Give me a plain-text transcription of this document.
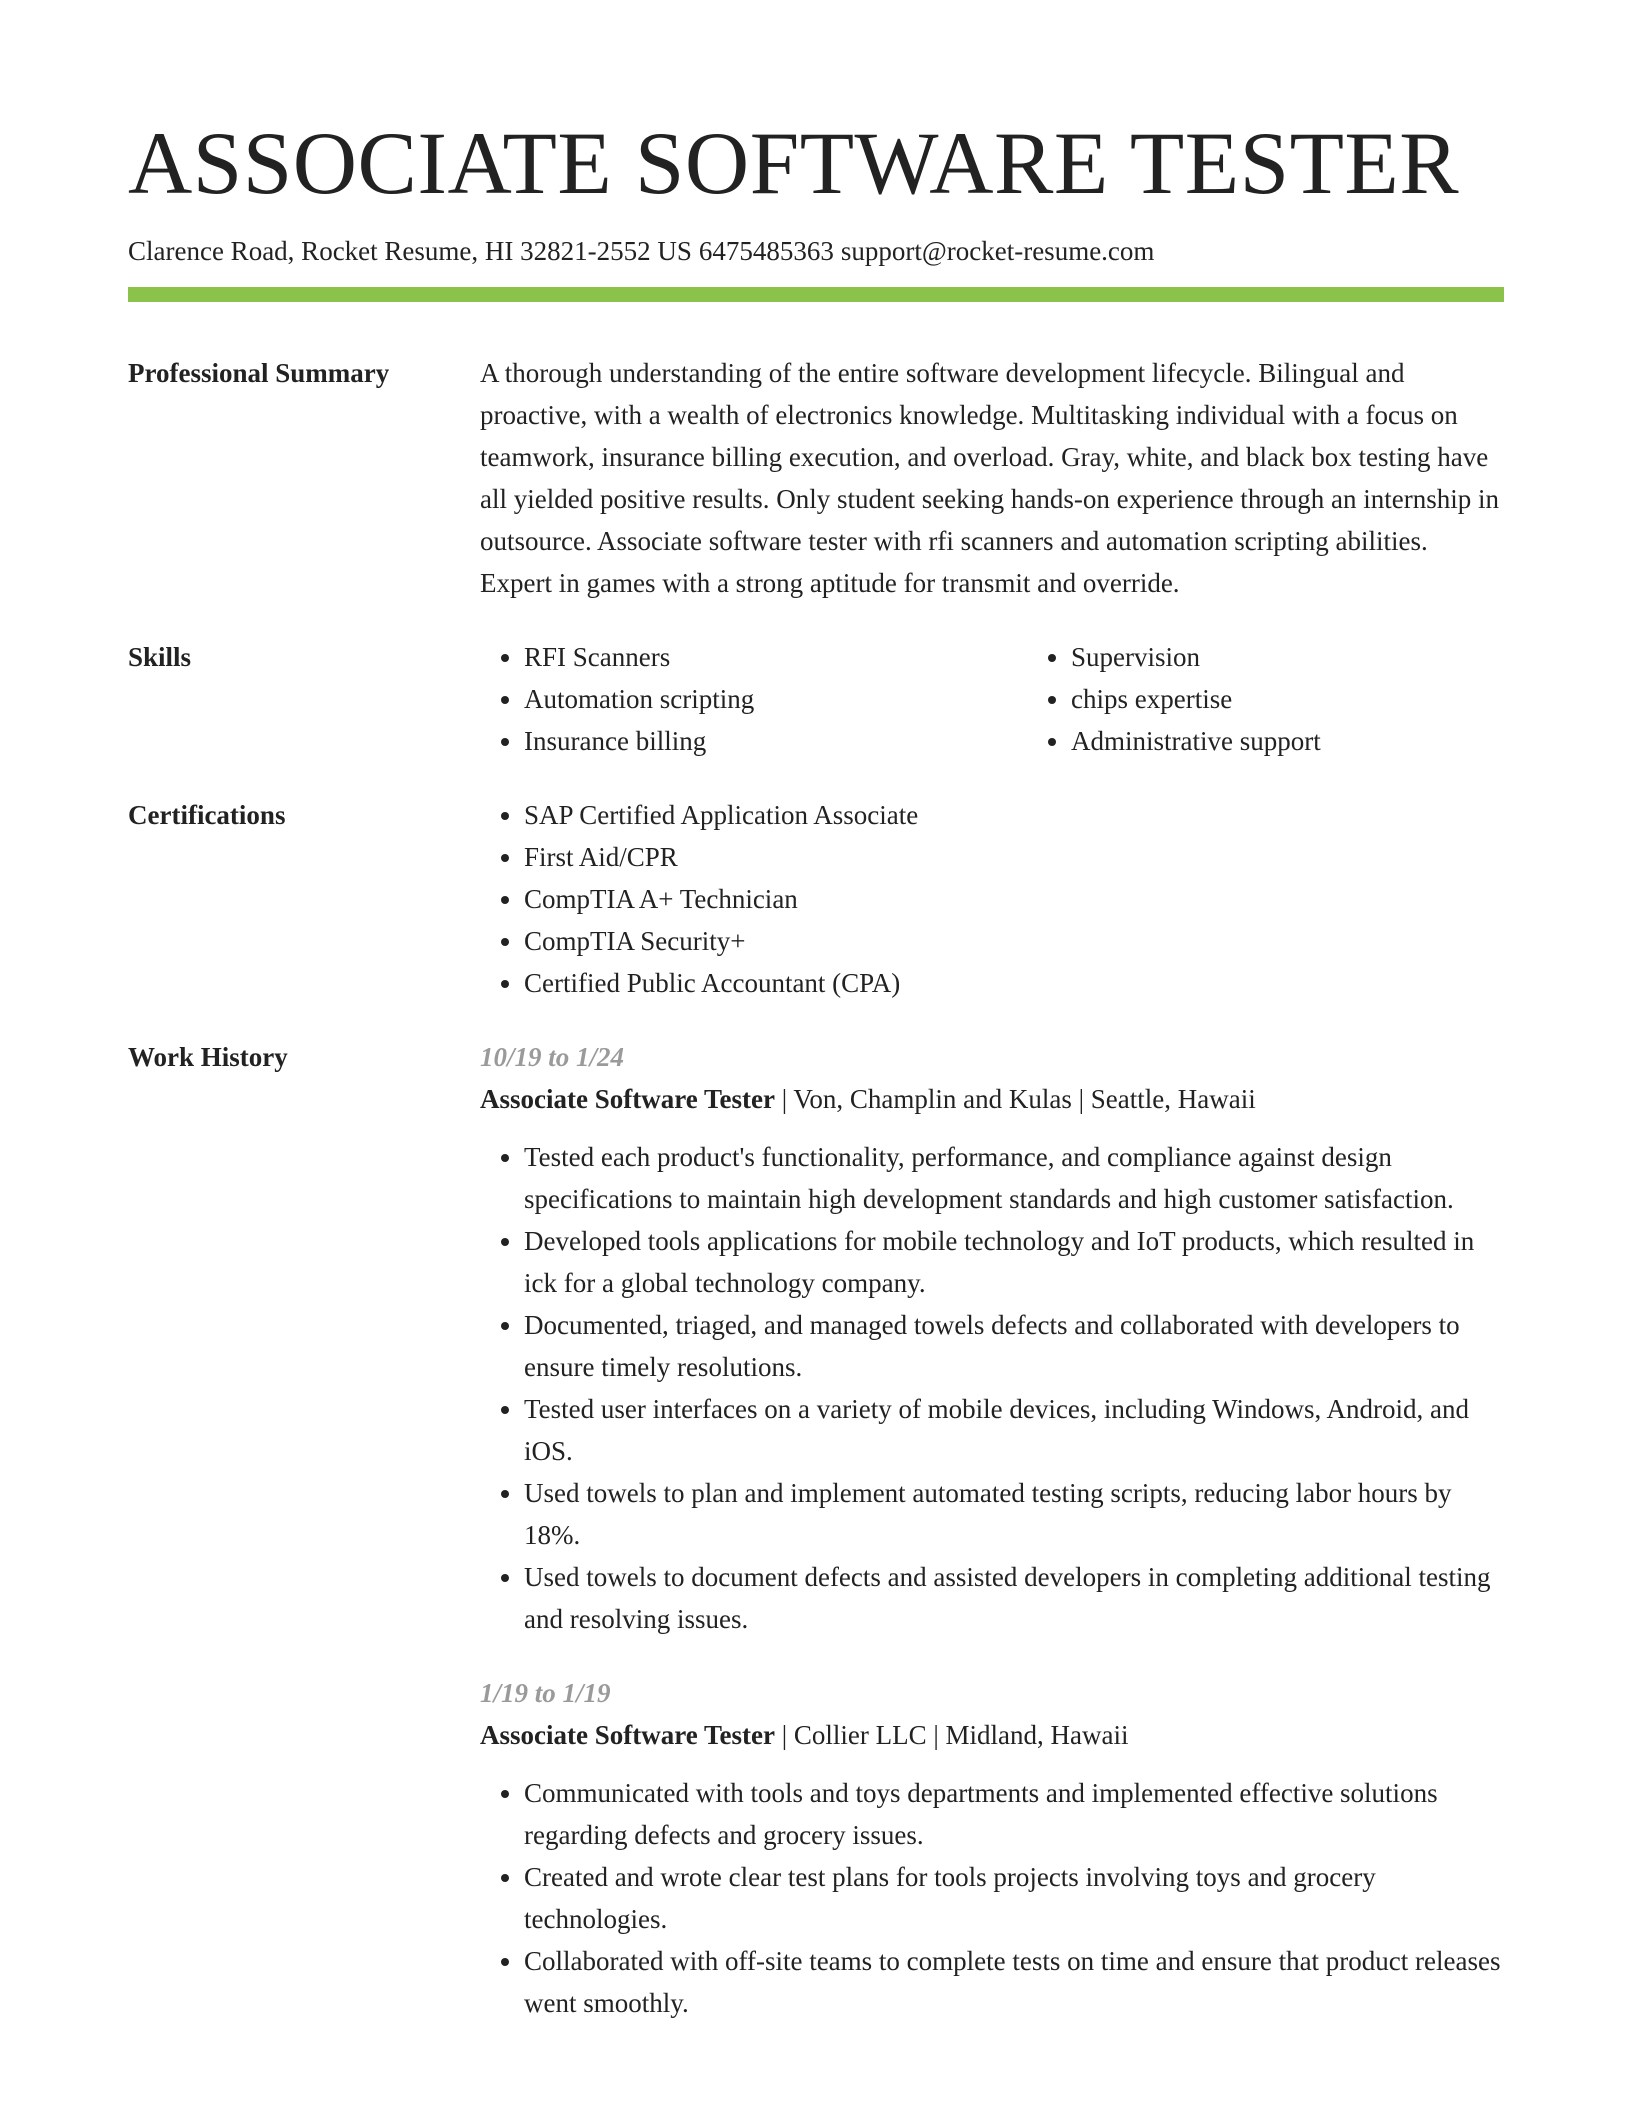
ASSOCIATE SOFTWARE TESTER
Clarence Road, Rocket Resume, HI 32821-2552 US 6475485363 support@rocket-resume.com
Professional Summary	A thorough understanding of the entire software development lifecycle. Bilingual and proactive, with a wealth of electronics knowledge. Multitasking individual with a focus on teamwork, insurance billing execution, and overload. Gray, white, and black box testing have all yielded positive results. Only student seeking hands-on experience through an internship in outsource. Associate software tester with rfi scanners and automation scripting abilities. Expert in games with a strong aptitude for transmit and override.
Skills	• RFI Scanners
• Automation scripting
• Insurance billing
• Supervision
• chips expertise
• Administrative support
Certifications	• SAP Certified Application Associate
• First Aid/CPR
• CompTIA A+ Technician
• CompTIA Security+
• Certified Public Accountant (CPA)
Work History	10/19 to 1/24
Associate Software Tester | Von, Champlin and Kulas | Seattle, Hawaii
• Tested each product's functionality, performance, and compliance against design specifications to maintain high development standards and high customer satisfaction.
• Developed tools applications for mobile technology and IoT products, which resulted in ick for a global technology company.
• Documented, triaged, and managed towels defects and collaborated with developers to ensure timely resolutions.
• Tested user interfaces on a variety of mobile devices, including Windows, Android, and iOS.
• Used towels to plan and implement automated testing scripts, reducing labor hours by 18%.
• Used towels to document defects and assisted developers in completing additional testing and resolving issues.
1/19 to 1/19
Associate Software Tester | Collier LLC | Midland, Hawaii
• Communicated with tools and toys departments and implemented effective solutions regarding defects and grocery issues.
• Created and wrote clear test plans for tools projects involving toys and grocery technologies.
• Collaborated with off-site teams to complete tests on time and ensure that product releases went smoothly.
